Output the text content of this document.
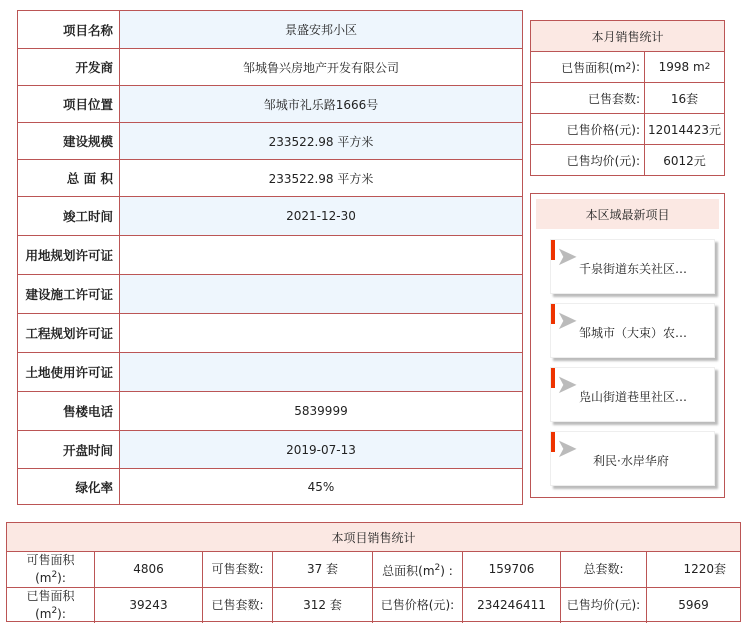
项目名称	景盛安邦小区
开发商	邹城鲁兴房地产开发有限公司
项目位置	邹城市礼乐路1666号
建设规模	233522.98 平方米
总 面 积	233522.98 平方米
竣工时间	2021-12-30
用地规划许可证
建设施工许可证
工程规划许可证
土地使用许可证
售楼电话	5839999
开盘时间	2019-07-13
绿化率	45%
本月销售统计
已售面积(m 2 ): 1998 m 2
已售套数:	16套
已售价格(元): 12014423元
已售均价(元):	6012元
本区域最新项目
➤ 千泉街道东关社区…
➤ 邹城市（大束）农…
➤ 凫山街道巷里社区…
➤ 利民·水岸华府
本项目销售统计
可售面积
$(m^2)$:
4806	可售套数:	37 套	总面积$(m^2)$ :	159706	总套数:	1220套
已售面积
$(m^2)$:
39243	已售套数:	312 套	已售价格(元):	234246411	已售均价(元):	5969
